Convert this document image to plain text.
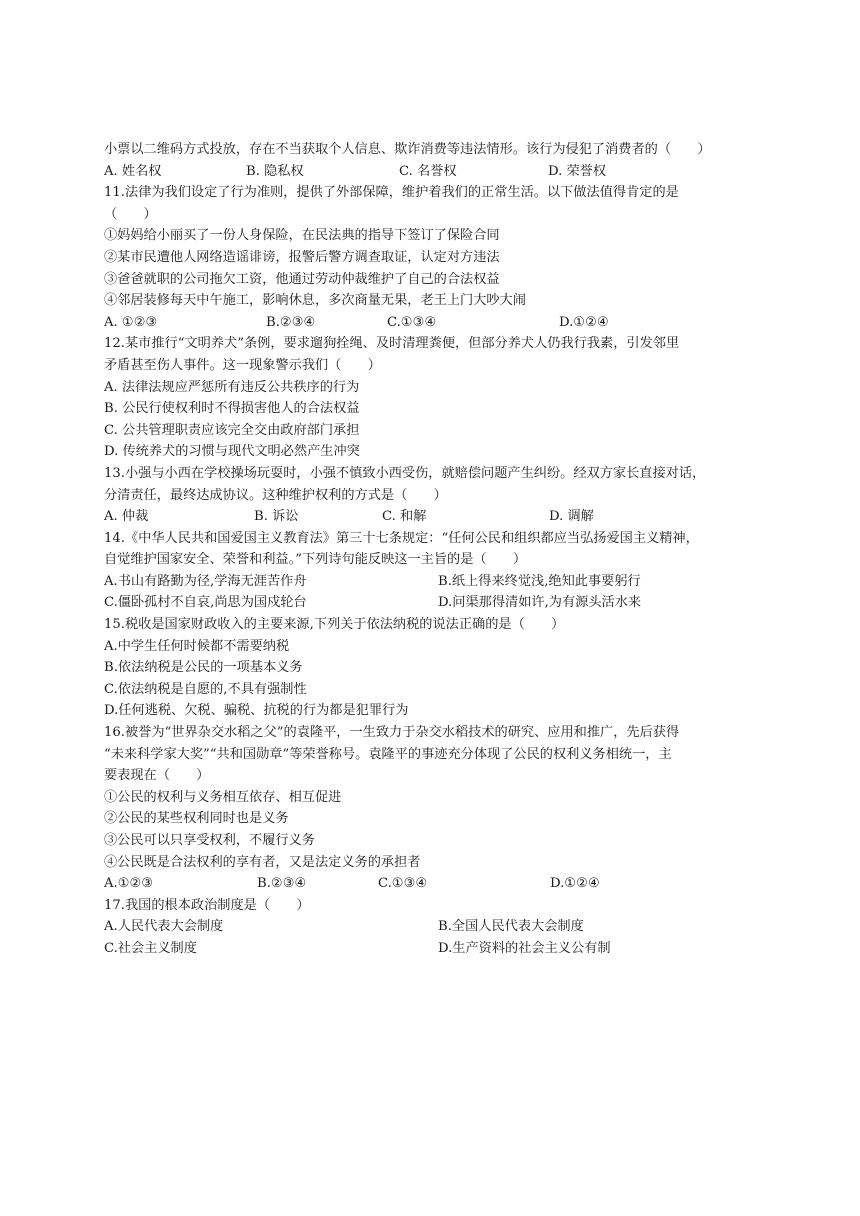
小票以二维码方式投放，存在不当获取个人信息、欺诈消费等违法情形。该行为侵犯了消费者的（　　）
A. 姓名权	B. 隐私权	C. 名誉权	D. 荣誉权
11.法律为我们设定了行为准则，提供了外部保障，维护着我们的正常生活。以下做法值得肯定的是
（　　）
①妈妈给小丽买了一份人身保险，在民法典的指导下签订了保险合同
②某市民遭他人网络造谣诽谤，报警后警方调查取证，认定对方违法
③爸爸就职的公司拖欠工资，他通过劳动仲裁维护了自己的合法权益
④邻居装修每天中午施工，影响休息，多次商量无果，老王上门大吵大闹
A. ①②③	B.②③④	C.①③④	D.①②④
12.某市推行“文明养犬”条例，要求遛狗拴绳、及时清理粪便，但部分养犬人仍我行我素，引发邻里
矛盾甚至伤人事件。这一现象警示我们（　　）
A. 法律法规应严惩所有违反公共秩序的行为
B. 公民行使权利时不得损害他人的合法权益
C. 公共管理职责应该完全交由政府部门承担
D. 传统养犬的习惯与现代文明必然产生冲突
13.小强与小西在学校操场玩耍时，小强不慎致小西受伤，就赔偿问题产生纠纷。经双方家长直接对话，
分清责任，最终达成协议。这种维护权利的方式是（　　）
A. 仲裁	B. 诉讼	C. 和解	D. 调解
14.《中华人民共和国爱国主义教育法》第三十七条规定：“任何公民和组织都应当弘扬爱国主义精神，
自觉维护国家安全、荣誉和利益。”下列诗句能反映这一主旨的是（　　）
A.书山有路勤为径,学海无涯苦作舟	B.纸上得来终觉浅,绝知此事要躬行
C.僵卧孤村不自哀,尚思为国戍轮台	D.问渠那得清如许,为有源头活水来
15.税收是国家财政收入的主要来源,下列关于依法纳税的说法正确的是（　　）
A.中学生任何时候都不需要纳税
B.依法纳税是公民的一项基本义务
C.依法纳税是自愿的,不具有强制性
D.任何逃税、欠税、骗税、抗税的行为都是犯罪行为
16.被誉为“世界杂交水稻之父”的袁隆平，一生致力于杂交水稻技术的研究、应用和推广，先后获得
“未来科学家大奖”“共和国勋章”等荣誉称号。袁隆平的事迹充分体现了公民的权利义务相统一，主
要表现在（　　）
①公民的权利与义务相互依存、相互促进
②公民的某些权利同时也是义务
③公民可以只享受权利，不履行义务
④公民既是合法权利的享有者，又是法定义务的承担者
A.①②③	B.②③④	C.①③④	D.①②④
17.我国的根本政治制度是（　　）
A.人民代表大会制度	B.全国人民代表大会制度
C.社会主义制度	D.生产资料的社会主义公有制
